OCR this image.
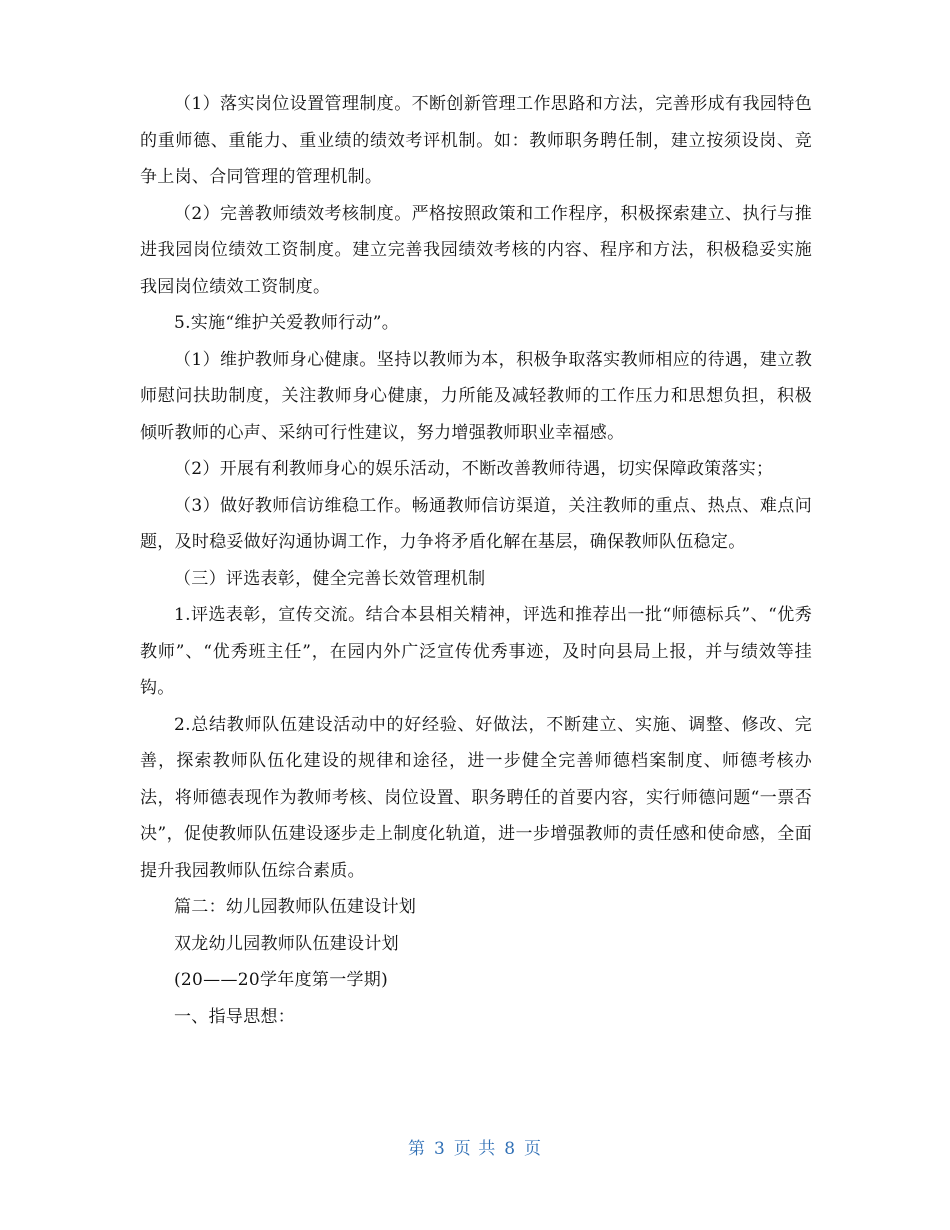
（1）落实岗位设置管理制度。不断创新管理工作思路和方法，完善形成有我园特色的重师德、重能力、重业绩的绩效考评机制。如：教师职务聘任制，建立按须设岗、竞争上岗、合同管理的管理机制。

（2）完善教师绩效考核制度。严格按照政策和工作程序，积极探索建立、执行与推进我园岗位绩效工资制度。建立完善我园绩效考核的内容、程序和方法，积极稳妥实施我园岗位绩效工资制度。

5.实施“维护关爱教师行动”。

（1）维护教师身心健康。坚持以教师为本，积极争取落实教师相应的待遇，建立教师慰问扶助制度，关注教师身心健康，力所能及减轻教师的工作压力和思想负担，积极倾听教师的心声、采纳可行性建议，努力增强教师职业幸福感。

（2）开展有利教师身心的娱乐活动，不断改善教师待遇，切实保障政策落实；

（3）做好教师信访维稳工作。畅通教师信访渠道，关注教师的重点、热点、难点问题，及时稳妥做好沟通协调工作，力争将矛盾化解在基层，确保教师队伍稳定。

（三）评选表彰，健全完善长效管理机制

1.评选表彰，宣传交流。结合本县相关精神，评选和推荐出一批“师德标兵”、“优秀教师”、“优秀班主任”，在园内外广泛宣传优秀事迹，及时向县局上报，并与绩效等挂钩。

2.总结教师队伍建设活动中的好经验、好做法，不断建立、实施、调整、修改、完善，探索教师队伍化建设的规律和途径，进一步健全完善师德档案制度、师德考核办法，将师德表现作为教师考核、岗位设置、职务聘任的首要内容，实行师德问题“一票否决”，促使教师队伍建设逐步走上制度化轨道，进一步增强教师的责任感和使命感，全面提升我园教师队伍综合素质。

篇二：幼儿园教师队伍建设计划

双龙幼儿园教师队伍建设计划

(20——20学年度第一学期)

一、指导思想：

第 3 页 共 8 页
